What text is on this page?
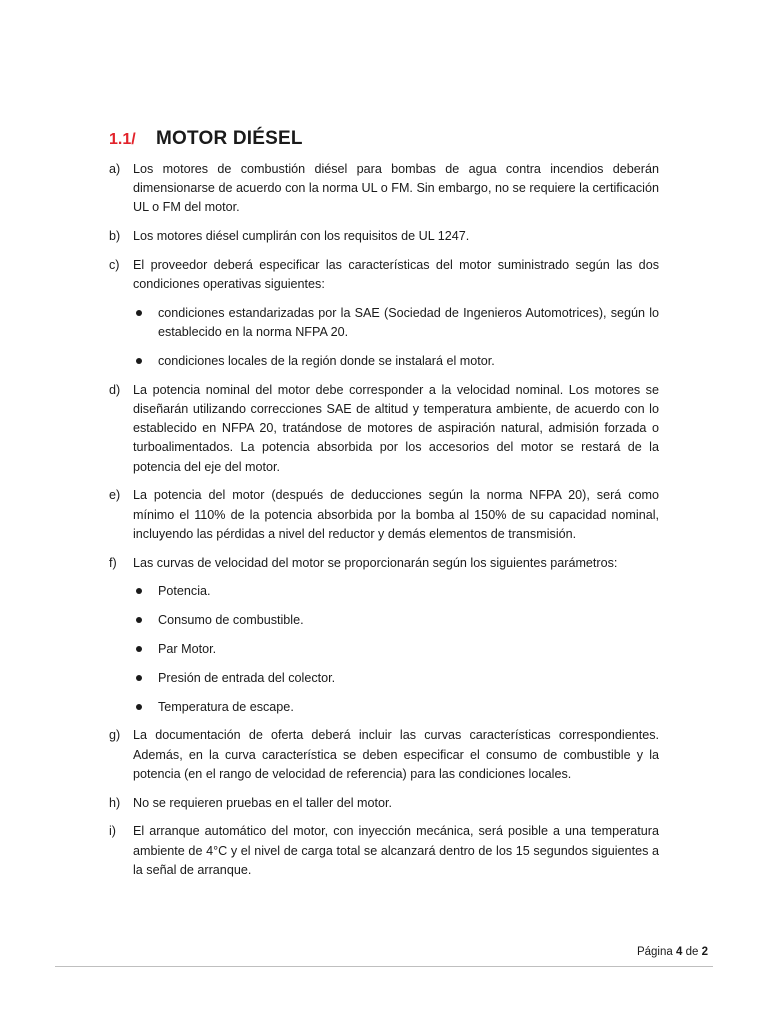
1.1/	MOTOR DIÉSEL
a) Los motores de combustión diésel para bombas de agua contra incendios deberán dimensionarse de acuerdo con la norma UL o FM. Sin embargo, no se requiere la certificación UL o FM del motor.
b) Los motores diésel cumplirán con los requisitos de UL 1247.
c) El proveedor deberá especificar las características del motor suministrado según las dos condiciones operativas siguientes:
condiciones estandarizadas por la SAE (Sociedad de Ingenieros Automotrices), según lo establecido en la norma NFPA 20.
condiciones locales de la región donde se instalará el motor.
d) La potencia nominal del motor debe corresponder a la velocidad nominal. Los motores se diseñarán utilizando correcciones SAE de altitud y temperatura ambiente, de acuerdo con lo establecido en NFPA 20, tratándose de motores de aspiración natural, admisión forzada o turboalimentados. La potencia absorbida por los accesorios del motor se restará de la potencia del eje del motor.
e) La potencia del motor (después de deducciones según la norma NFPA 20), será como mínimo el 110% de la potencia absorbida por la bomba al 150% de su capacidad nominal, incluyendo las pérdidas a nivel del reductor y demás elementos de transmisión.
f) Las curvas de velocidad del motor se proporcionarán según los siguientes parámetros:
Potencia.
Consumo de combustible.
Par Motor.
Presión de entrada del colector.
Temperatura de escape.
g) La documentación de oferta deberá incluir las curvas características correspondientes. Además, en la curva característica se deben especificar el consumo de combustible y la potencia (en el rango de velocidad de referencia) para las condiciones locales.
h) No se requieren pruebas en el taller del motor.
i) El arranque automático del motor, con inyección mecánica, será posible a una temperatura ambiente de 4°C y el nivel de carga total se alcanzará dentro de los 15 segundos siguientes a la señal de arranque.
Página 4 de 2
